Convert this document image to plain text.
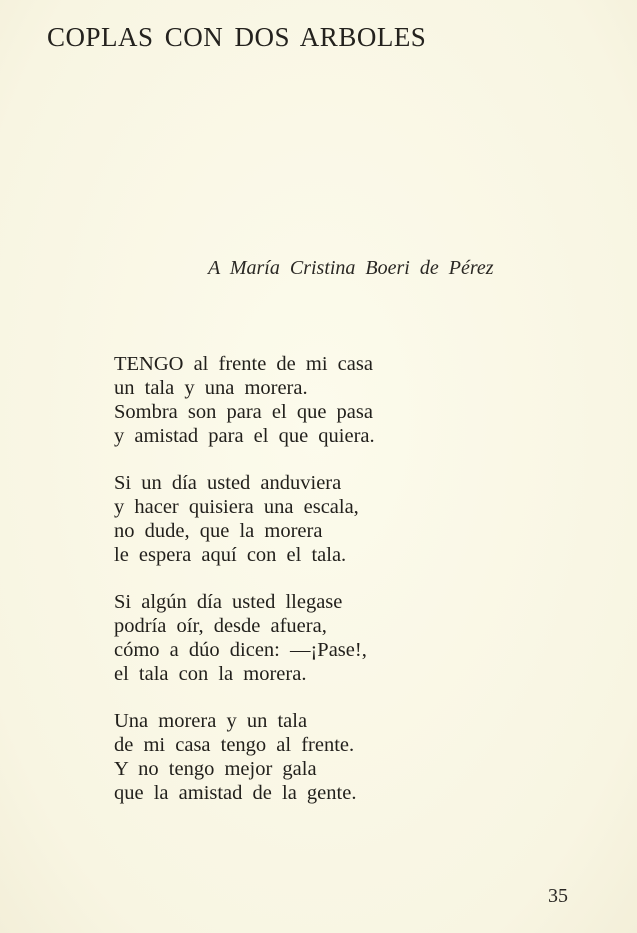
COPLAS CON DOS ARBOLES
A María Cristina Boeri de Pérez
TENGO al frente de mi casa
un tala y una morera.
Sombra son para el que pasa
y amistad para el que quiera.
Si un día usted anduviera
y hacer quisiera una escala,
no dude, que la morera
le espera aquí con el tala.
Si algún día usted llegase
podría oír, desde afuera,
cómo a dúo dicen: —¡Pase!,
el tala con la morera.
Una morera y un tala
de mi casa tengo al frente.
Y no tengo mejor gala
que la amistad de la gente.
35
